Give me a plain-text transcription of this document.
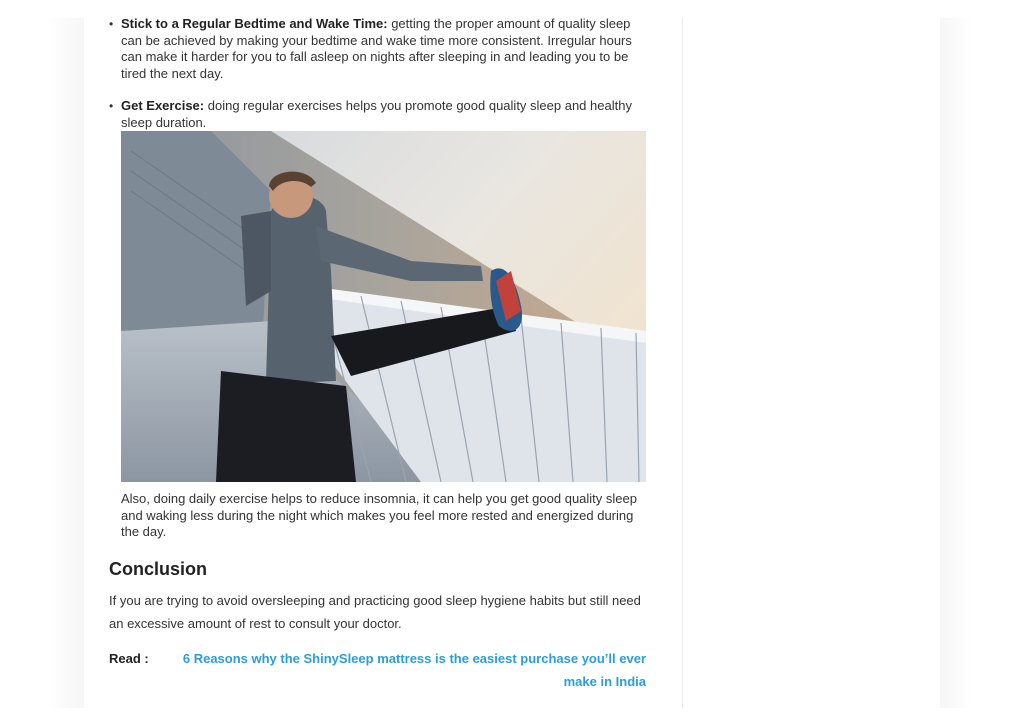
• Stick to a Regular Bedtime and Wake Time: getting the proper amount of quality sleep can be achieved by making your bedtime and wake time more consistent. Irregular hours can make it harder for you to fall asleep on nights after sleeping in and leading you to be tired the next day.
• Get Exercise: doing regular exercises helps you promote good quality sleep and healthy sleep duration.

Also, doing daily exercise helps to reduce insomnia, it can help you get good quality sleep and waking less during the night which makes you feel more rested and energized during the day.

Conclusion

If you are trying to avoid oversleeping and practicing good sleep hygiene habits but still need an excessive amount of rest to consult your doctor.

Read :	6 Reasons why the ShinySleep mattress is the easiest purchase you’ll ever make in India
